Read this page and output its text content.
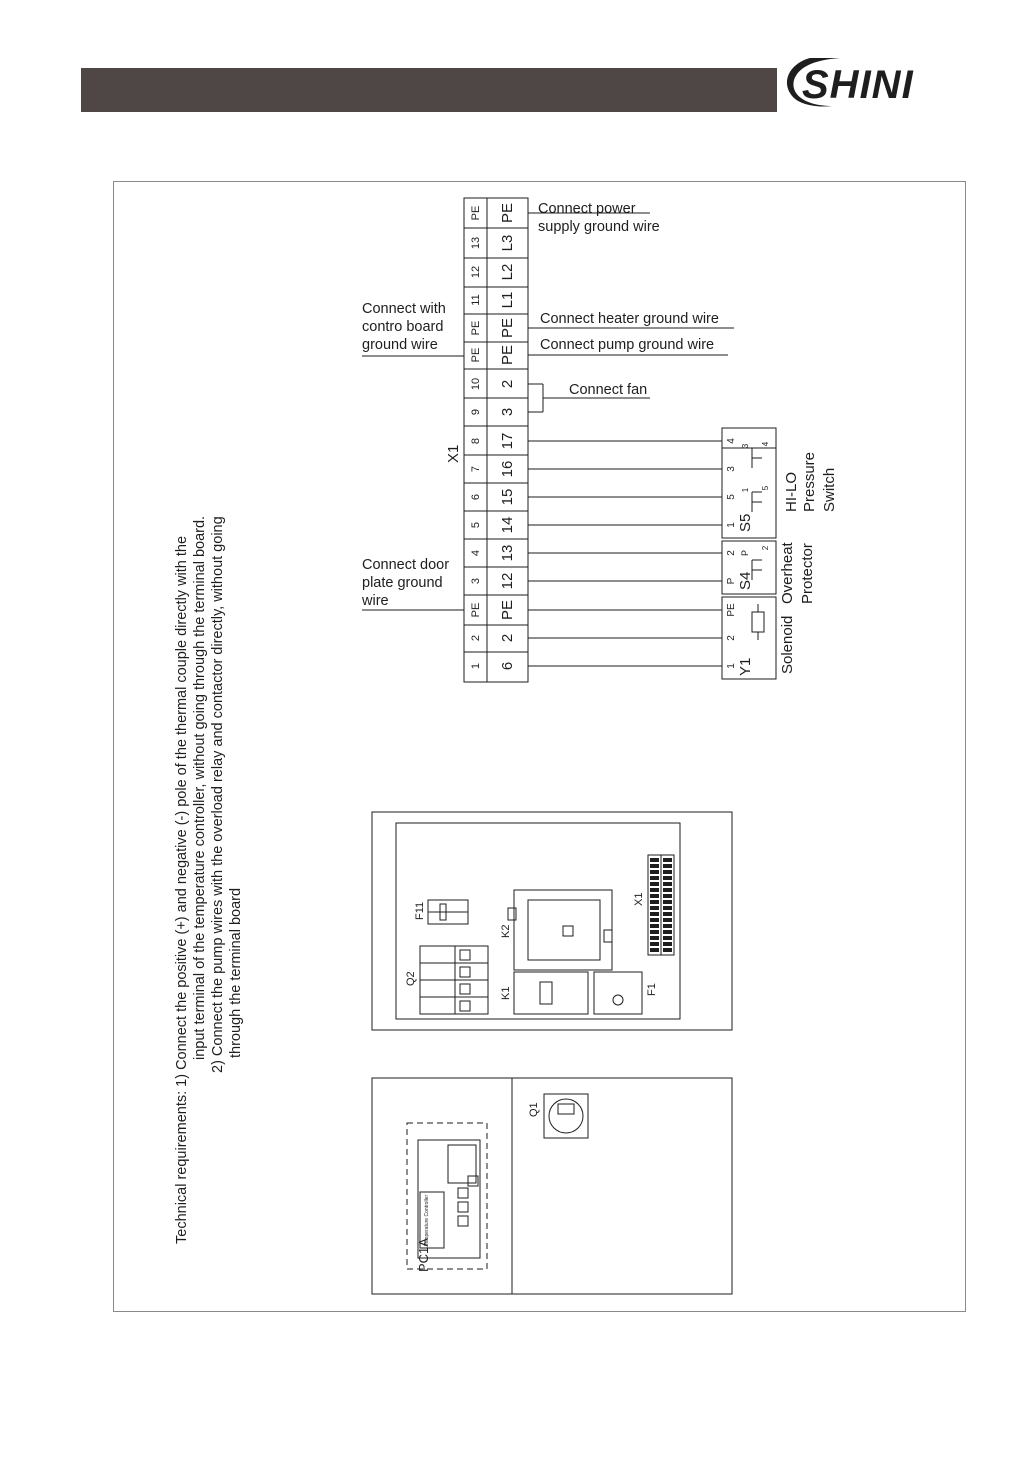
SHINI
Technical requirements: 1) Connect the positive (+) and negative (-) pole of the thermal couple directly with the input terminal of the temperature controller, without going through the terminal board. 2) Connect the pump wires with the overload relay and contactor directly, without going through the terminal board
1
2
PE
3
4
5
6
7
8
9
10
PE
PE
11
12
13
PE
6
2
PE
12
13
14
15
16
17
3
2
PE
PE
L1
L2
L3
PE
X1
Connect power
supply ground wire
Connect heater ground wire
Connect pump ground wire
Connect fan
Connect with
contro board
ground wire
Connect door
plate ground
wire
Y1 Solenoid
1
2
PE
S4 Overheat Protector
P
2 P
2
S5
HI-LO Pressure Switch
1
5
3
4
1 5
3 4
Q1
PC1A
Temperature Controller
Q2
F11
K1
K2
F1
X1
